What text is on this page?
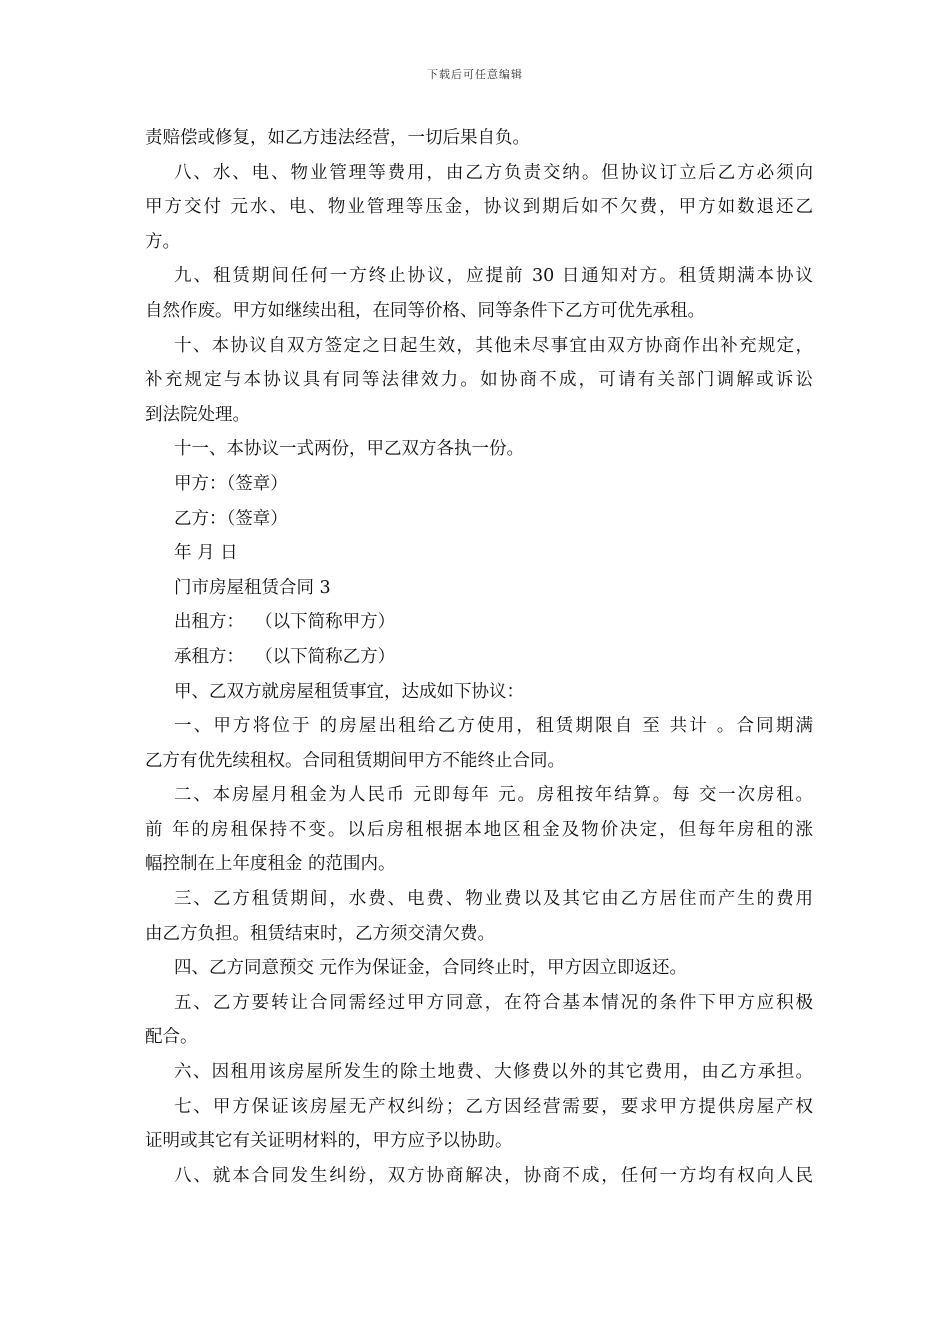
下载后可任意编辑
责赔偿或修复，如乙方违法经营，一切后果自负。
八、水、电、物业管理等费用，由乙方负责交纳。但协议订立后乙方必须向
甲方交付 元水、电、物业管理等压金，协议到期后如不欠费，甲方如数退还乙
方。
九、租赁期间任何一方终止协议，应提前 30 日通知对方。租赁期满本协议
自然作废。甲方如继续出租，在同等价格、同等条件下乙方可优先承租。
十、本协议自双方签定之日起生效，其他未尽事宜由双方协商作出补充规定，
补充规定与本协议具有同等法律效力。如协商不成，可请有关部门调解或诉讼
到法院处理。
十一、本协议一式两份，甲乙双方各执一份。
甲方：（签章）
乙方：（签章）
年 月 日
门市房屋租赁合同 3
出租方：  （以下简称甲方）
承租方：  （以下简称乙方）
甲、乙双方就房屋租赁事宜，达成如下协议：
一、甲方将位于 的房屋出租给乙方使用，租赁期限自 至 共计 。合同期满
乙方有优先续租权。合同租赁期间甲方不能终止合同。
二、本房屋月租金为人民币 元即每年 元。房租按年结算。每 交一次房租。
前 年的房租保持不变。以后房租根据本地区租金及物价决定，但每年房租的涨
幅控制在上年度租金 的范围内。
三、乙方租赁期间，水费、电费、物业费以及其它由乙方居住而产生的费用
由乙方负担。租赁结束时，乙方须交清欠费。
四、乙方同意预交 元作为保证金，合同终止时，甲方因立即返还。
五、乙方要转让合同需经过甲方同意，在符合基本情况的条件下甲方应积极
配合。
六、因租用该房屋所发生的除土地费、大修费以外的其它费用，由乙方承担。
七、甲方保证该房屋无产权纠纷；乙方因经营需要，要求甲方提供房屋产权
证明或其它有关证明材料的，甲方应予以协助。
八、就本合同发生纠纷，双方协商解决，协商不成，任何一方均有权向人民
